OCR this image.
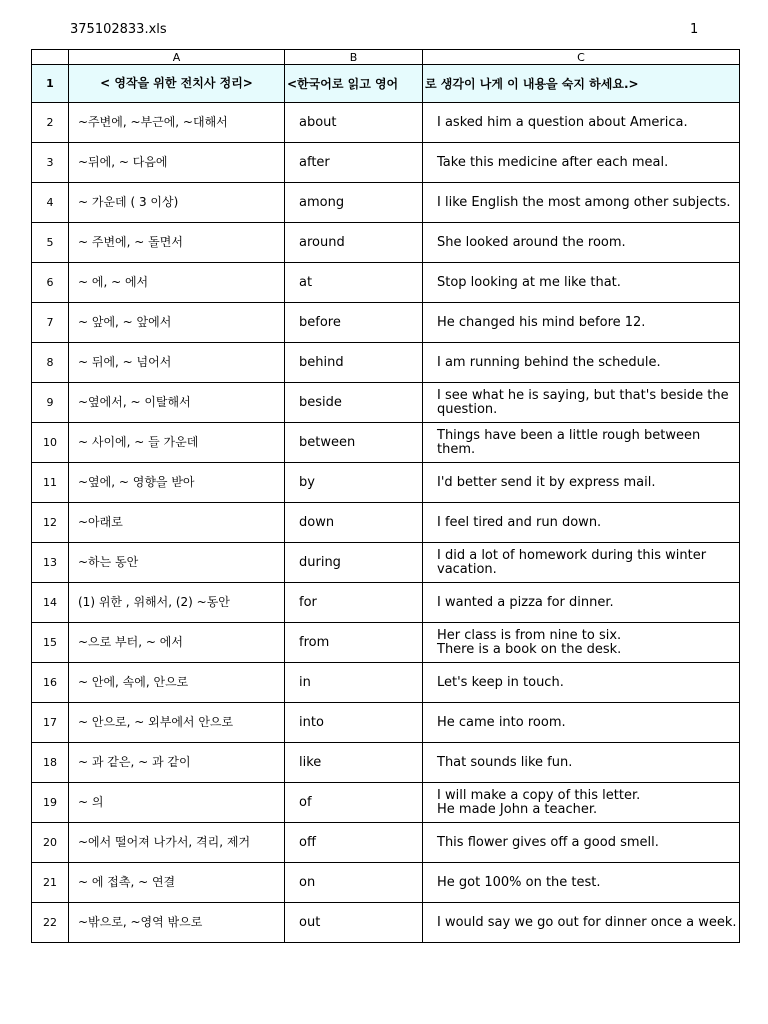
375102833.xls	1
	A	B	C
1	< 영작을 위한 전치사 정리>	<한국어로 읽고 영어	로 생각이 나게 이 내용을 숙지 하세요.>
2	~주변에, ~부근에, ~대해서	about	I asked him a question about America.
3	~뒤에, ~ 다음에	after	Take this medicine after each meal.
4	~ 가운데 ( 3 이상)	among	I like English the most among other subjects.
5	~ 주변에, ~ 돌면서	around	She looked around the room.
6	~ 에, ~ 에서	at	Stop looking at me like that.
7	~ 앞에, ~ 앞에서	before	He changed his mind before 12.
8	~ 뒤에, ~ 넘어서	behind	I am running behind the schedule.
9	~옆에서, ~ 이탈해서	beside	I see what he is saying, but that's beside the question.
10	~ 사이에, ~ 들 가운데	between	Things have been a little rough between them.
11	~옆에, ~ 영향을 받아	by	I'd better send it by express mail.
12	~아래로	down	I feel tired and run down.
13	~하는 동안	during	I did a lot of homework during this winter vacation.
14	(1) 위한 , 위해서, (2) ~동안	for	I wanted a pizza for dinner.
15	~으로 부터, ~ 에서	from	Her class is from nine to six.
There is a book on the desk.
16	~ 안에, 속에, 안으로	in	Let's keep in touch.
17	~ 안으로, ~ 외부에서 안으로	into	He came into room.
18	~ 과 같은, ~ 과 같이	like	That sounds like fun.
19	~ 의	of	I will make a copy of this letter.
He made John a teacher.
20	~에서 떨어져 나가서, 격리, 제거	off	This flower gives off a good smell.
21	~ 에 접촉, ~ 연결	on	He got 100% on the test.
22	~밖으로, ~영역 밖으로	out	I would say we go out for dinner once a week.
